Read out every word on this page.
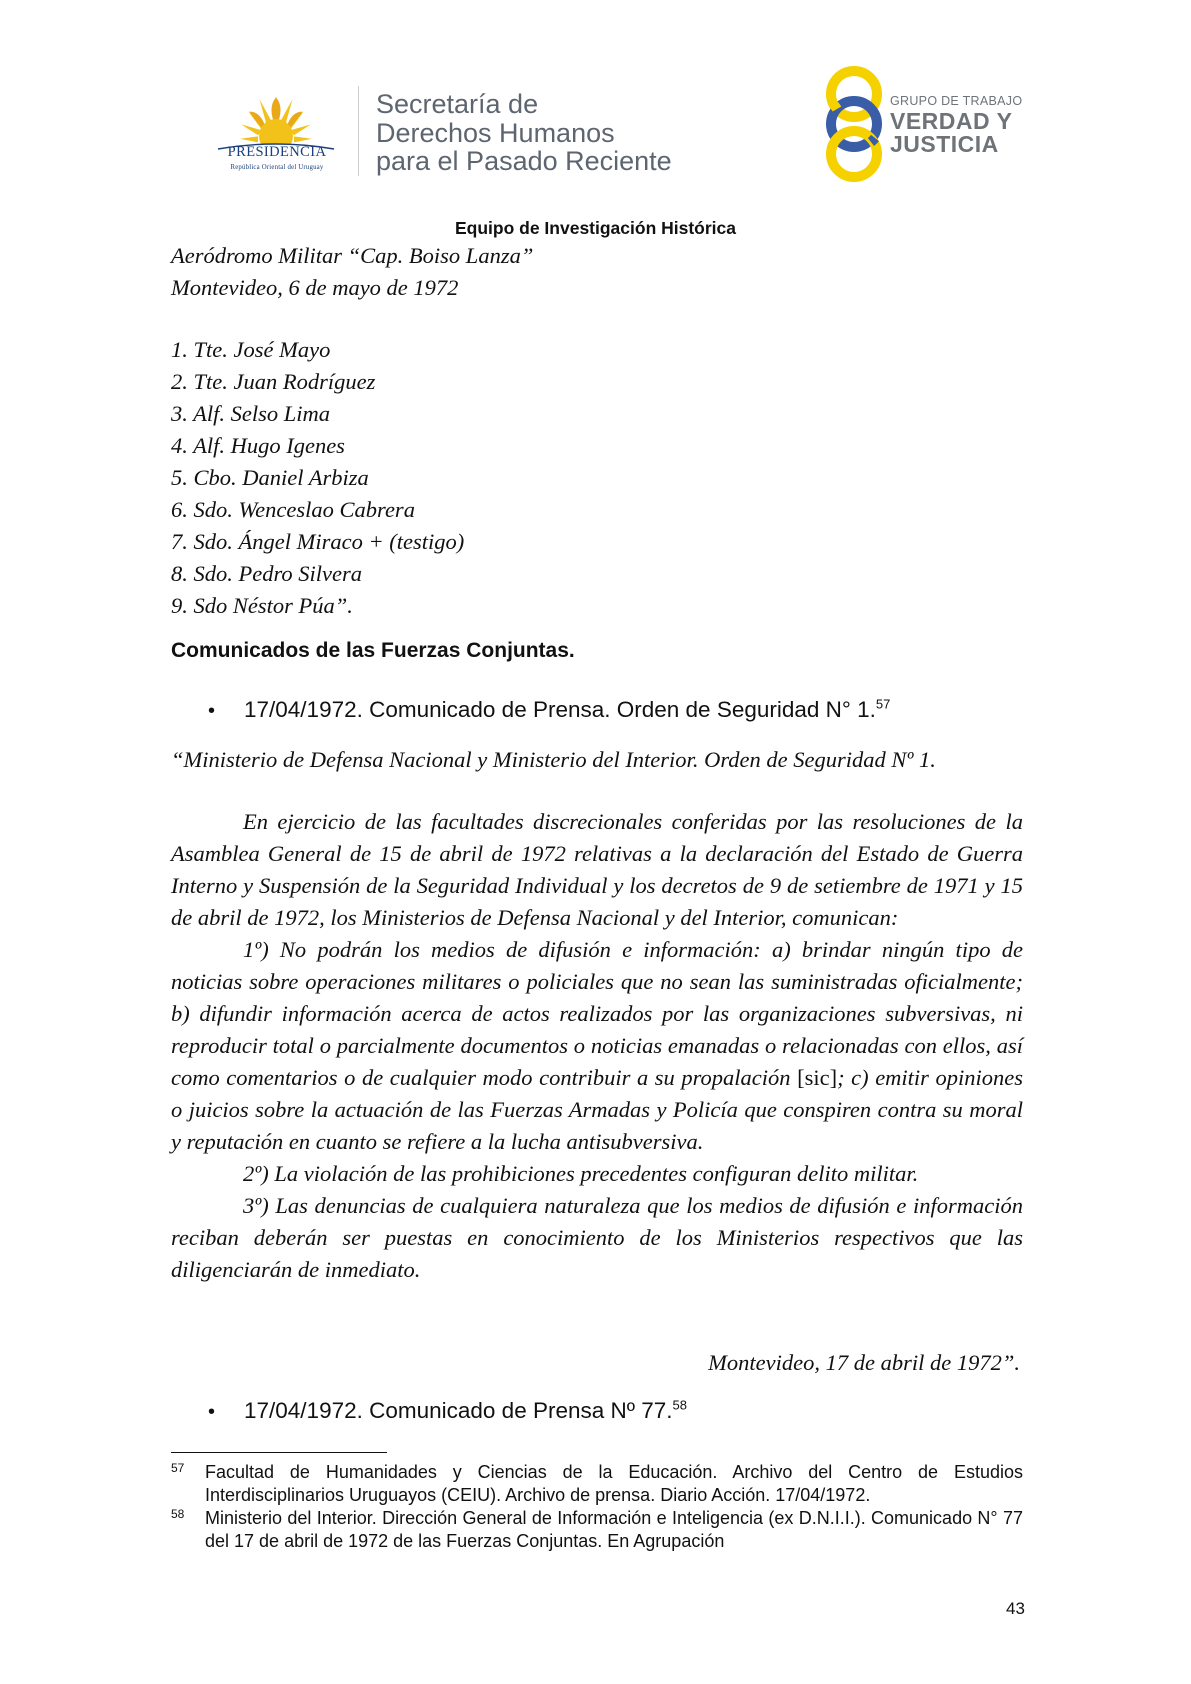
PRESIDENCIA
República Oriental del Uruguay
Secretaría de
Derechos Humanos
para el Pasado Reciente
GRUPO DE TRABAJO
VERDAD Y
JUSTICIA
Equipo de Investigación Histórica
Aeródromo Militar “Cap. Boiso Lanza”
Montevideo, 6 de mayo de 1972
1. Tte. José Mayo
2. Tte. Juan Rodríguez
3. Alf. Selso Lima
4. Alf. Hugo Igenes
5. Cbo. Daniel Arbiza
6. Sdo. Wenceslao Cabrera
7. Sdo. Ángel Miraco + (testigo)
8. Sdo. Pedro Silvera
9. Sdo Néstor Púa”.
Comunicados de las Fuerzas Conjuntas.
• 17/04/1972. Comunicado de Prensa. Orden de Seguridad N° 1.57
“Ministerio de Defensa Nacional y Ministerio del Interior. Orden de Seguridad Nº 1.

En ejercicio de las facultades discrecionales conferidas por las resoluciones de la Asamblea General de 15 de abril de 1972 relativas a la declaración del Estado de Guerra Interno y Suspensión de la Seguridad Individual y los decretos de 9 de setiembre de 1971 y 15 de abril de 1972, los Ministerios de Defensa Nacional y del Interior, comunican:

1º) No podrán los medios de difusión e información: a) brindar ningún tipo de noticias sobre operaciones militares o policiales que no sean las suministradas oficialmente; b) difundir información acerca de actos realizados por las organizaciones subversivas, ni reproducir total o parcialmente documentos o noticias emanadas o relacionadas con ellos, así como comentarios o de cualquier modo contribuir a su propalación [sic]; c) emitir opiniones o juicios sobre la actuación de las Fuerzas Armadas y Policía que conspiren contra su moral y reputación en cuanto se refiere a la lucha antisubversiva.

2º) La violación de las prohibiciones precedentes configuran delito militar.

3º) Las denuncias de cualquiera naturaleza que los medios de difusión e información reciban deberán ser puestas en conocimiento de los Ministerios respectivos que las diligenciarán de inmediato.

Montevideo, 17 de abril de 1972”.
• 17/04/1972. Comunicado de Prensa Nº 77.58
57 Facultad de Humanidades y Ciencias de la Educación. Archivo del Centro de Estudios Interdisciplinarios Uruguayos (CEIU). Archivo de prensa. Diario Acción. 17/04/1972.

58 Ministerio del Interior. Dirección General de Información e Inteligencia (ex D.N.I.I.). Comunicado N° 77 del 17 de abril de 1972 de las Fuerzas Conjuntas. En Agrupación

43
